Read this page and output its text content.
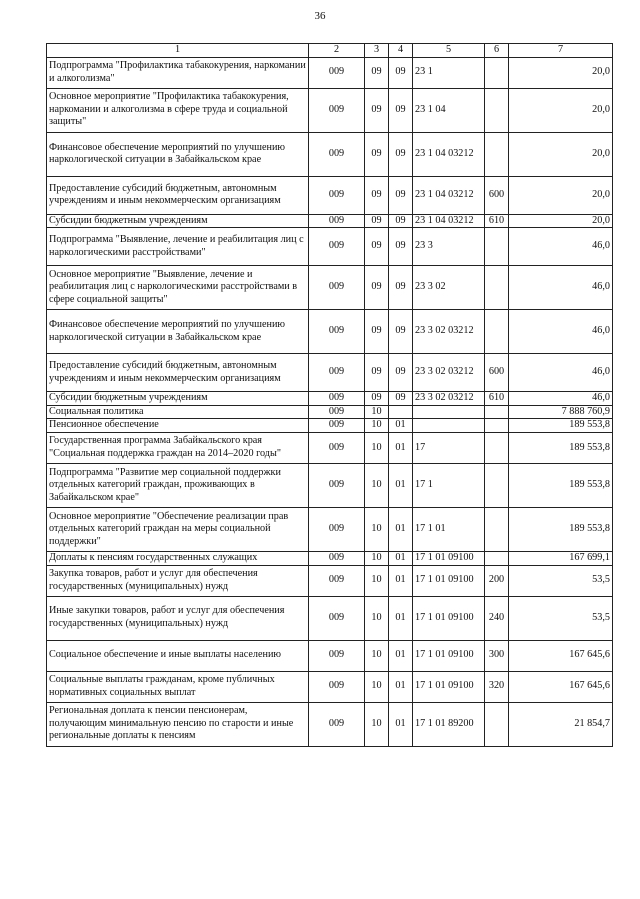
36
1	2	3	4	5	6	7
Подпрограмма "Профилактика табакокурения, наркомании и алкоголизма"	009	09	09	23 1		20,0
Основное мероприятие "Профилактика табакокурения, наркомании и алкоголизма в сфере труда и социальной защиты"	009	09	09	23 1 04		20,0
Финансовое обеспечение мероприятий по улучшению наркологической ситуации в Забайкальском крае	009	09	09	23 1 04 03212		20,0
Предоставление субсидий бюджетным, автономным учреждениям и иным некоммерческим организациям	009	09	09	23 1 04 03212	600	20,0
Субсидии бюджетным учреждениям	009	09	09	23 1 04 03212	610	20,0
Подпрограмма "Выявление, лечение и реабилитация лиц с наркологическими расстройствами"	009	09	09	23 3		46,0
Основное мероприятие "Выявление, лечение и реабилитация лиц с наркологическими расстройствами в сфере социальной защиты"	009	09	09	23 3 02		46,0
Финансовое обеспечение мероприятий по улучшению наркологической ситуации в Забайкальском крае	009	09	09	23 3 02 03212		46,0
Предоставление субсидий бюджетным, автономным учреждениям и иным некоммерческим организациям	009	09	09	23 3 02 03212	600	46,0
Субсидии бюджетным учреждениям	009	09	09	23 3 02 03212	610	46,0
Социальная политика	009	10				7 888 760,9
Пенсионное обеспечение	009	10	01			189 553,8
Государственная программа Забайкальского края "Социальная поддержка граждан на 2014–2020 годы"	009	10	01	17		189 553,8
Подпрограмма "Развитие мер социальной поддержки отдельных категорий граждан, проживающих в Забайкальском крае"	009	10	01	17 1		189 553,8
Основное мероприятие "Обеспечение реализации прав отдельных категорий граждан на меры социальной поддержки"	009	10	01	17 1 01		189 553,8
Доплаты к пенсиям государственных служащих	009	10	01	17 1 01 09100		167 699,1
Закупка товаров, работ и услуг для обеспечения государственных (муниципальных) нужд	009	10	01	17 1 01 09100	200	53,5
Иные закупки товаров, работ и услуг для обеспечения государственных (муниципальных) нужд	009	10	01	17 1 01 09100	240	53,5
Социальное обеспечение и иные выплаты населению	009	10	01	17 1 01 09100	300	167 645,6
Социальные выплаты гражданам, кроме публичных нормативных социальных выплат	009	10	01	17 1 01 09100	320	167 645,6
Региональная доплата к пенсии пенсионерам, получающим минимальную пенсию по старости и иные региональные доплаты к пенсиям	009	10	01	17 1 01 89200		21 854,7
